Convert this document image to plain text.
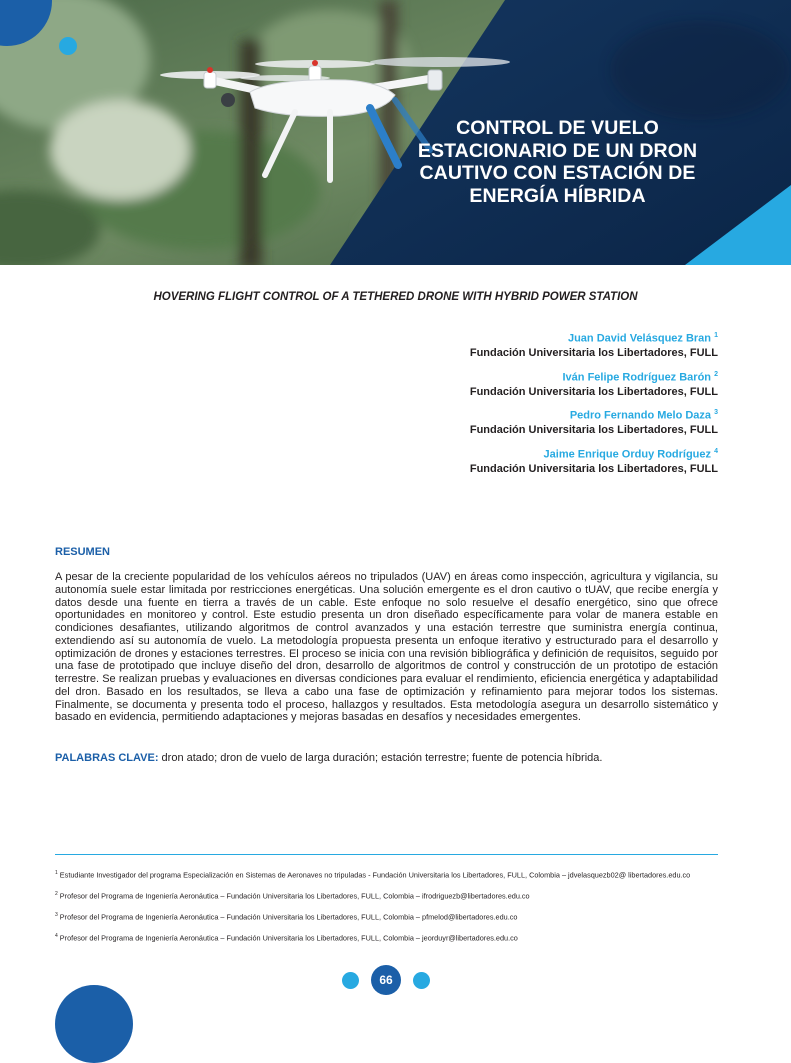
CONTROL DE VUELO
ESTACIONARIO DE UN DRON
CAUTIVO CON ESTACIÓN DE
ENERGÍA HÍBRIDA

HOVERING FLIGHT CONTROL OF A TETHERED DRONE WITH HYBRID POWER STATION

Juan David Velásquez Bran $^1$
Fundación Universitaria los Libertadores, FULL

Iván Felipe Rodríguez Barón $^2$
Fundación Universitaria los Libertadores, FULL

Pedro Fernando Melo Daza $^3$
Fundación Universitaria los Libertadores, FULL

Jaime Enrique Orduy Rodríguez $^4$
Fundación Universitaria los Libertadores, FULL

RESUMEN

A pesar de la creciente popularidad de los vehículos aéreos no tripulados (UAV) en áreas como inspección, agricultura y vigilancia, su autonomía suele estar limitada por restricciones energéticas. Una solución emergente es el dron cautivo o tUAV, que recibe energía y datos desde una fuente en tierra a través de un cable. Este enfoque no solo resuelve el desafío energético, sino que ofrece oportunidades en monitoreo y control. Este estudio presenta un dron diseñado específicamente para volar de manera estable en condiciones desafiantes, utilizando algoritmos de control avanzados y una estación terrestre que suministra energía continua, extendiendo así su autonomía de vuelo. La metodología propuesta presenta un enfoque iterativo y estructurado para el desarrollo y optimización de drones y estaciones terrestres. El proceso se inicia con una revisión bibliográfica y definición de requisitos, seguido por una fase de prototipado que incluye diseño del dron, desarrollo de algoritmos de control y construcción de un prototipo de estación terrestre. Se realizan pruebas y evaluaciones en diversas condiciones para evaluar el rendimiento, eficiencia energética y adaptabilidad del dron. Basado en los resultados, se lleva a cabo una fase de optimización y refinamiento para mejorar todos los sistemas. Finalmente, se documenta y presenta todo el proceso, hallazgos y resultados. Esta metodología asegura un desarrollo sistemático y basado en evidencia, permitiendo adaptaciones y mejoras basadas en desafíos y necesidades emergentes.

PALABRAS CLAVE: dron atado; dron de vuelo de larga duración; estación terrestre; fuente de potencia híbrida.

$^1$ Estudiante Investigador del programa Especialización en Sistemas de Aeronaves no tripuladas - Fundación Universitaria los Libertadores, FULL, Colombia – jdvelasquezb02@ libertadores.edu.co

$^2$ Profesor del Programa de Ingeniería Aeronáutica – Fundación Universitaria los Libertadores, FULL, Colombia – ifrodriguezb@libertadores.edu.co

$^3$ Profesor del Programa de Ingeniería Aeronáutica – Fundación Universitaria los Libertadores, FULL, Colombia – pfmelod@libertadores.edu.co

$^4$ Profesor del Programa de Ingeniería Aeronáutica – Fundación Universitaria los Libertadores, FULL, Colombia – jeorduyr@libertadores.edu.co

66
